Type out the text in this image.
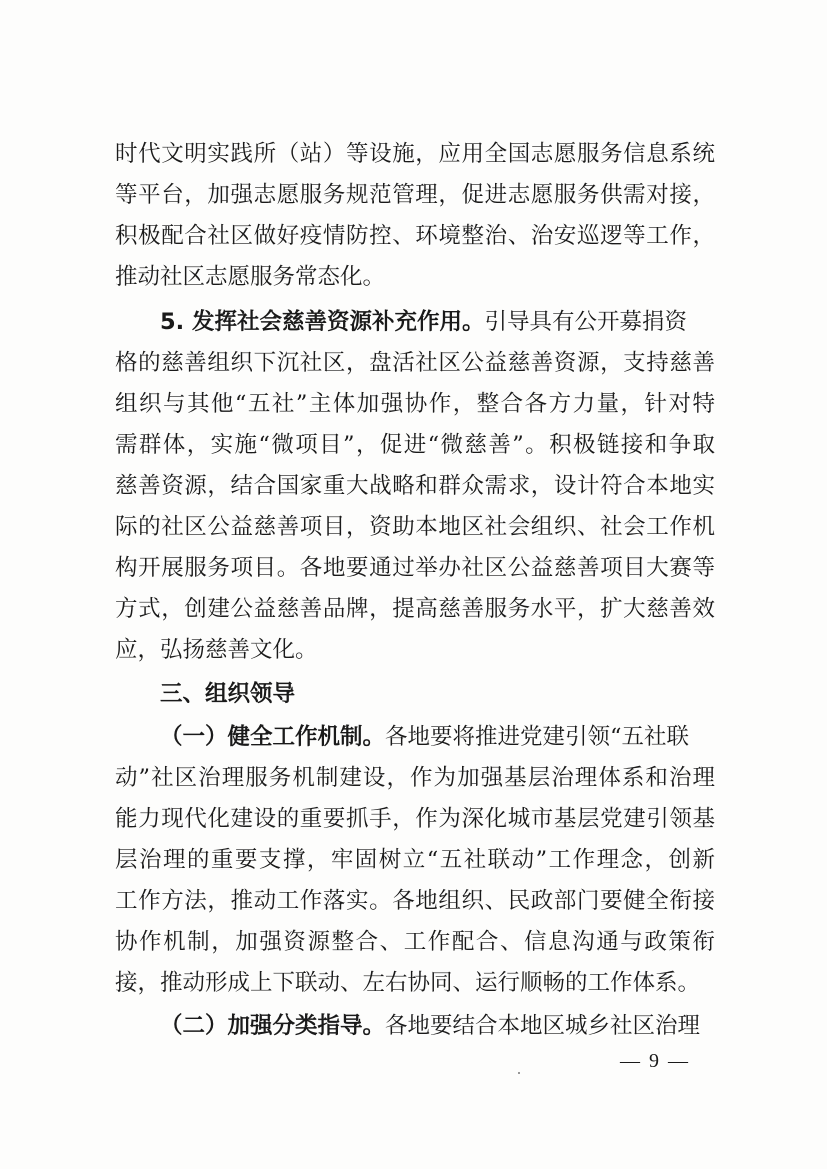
时代文明实践所（站）等设施，应用全国志愿服务信息系统
等平台，加强志愿服务规范管理，促进志愿服务供需对接，
积极配合社区做好疫情防控、环境整治、治安巡逻等工作，
推动社区志愿服务常态化。
5. 发挥社会慈善资源补充作用。引导具有公开募捐资
格的慈善组织下沉社区，盘活社区公益慈善资源，支持慈善
组织与其他“五社”主体加强协作，整合各方力量，针对特
需群体，实施“微项目”，促进“微慈善”。积极链接和争取
慈善资源，结合国家重大战略和群众需求，设计符合本地实
际的社区公益慈善项目，资助本地区社会组织、社会工作机
构开展服务项目。各地要通过举办社区公益慈善项目大赛等
方式，创建公益慈善品牌，提高慈善服务水平，扩大慈善效
应，弘扬慈善文化。
三、组织领导
（一）健全工作机制。各地要将推进党建引领“五社联
动”社区治理服务机制建设，作为加强基层治理体系和治理
能力现代化建设的重要抓手，作为深化城市基层党建引领基
层治理的重要支撑，牢固树立“五社联动”工作理念，创新
工作方法，推动工作落实。各地组织、民政部门要健全衔接
协作机制，加强资源整合、工作配合、信息沟通与政策衔
接，推动形成上下联动、左右协同、运行顺畅的工作体系。
（二）加强分类指导。各地要结合本地区城乡社区治理
— 9 —
